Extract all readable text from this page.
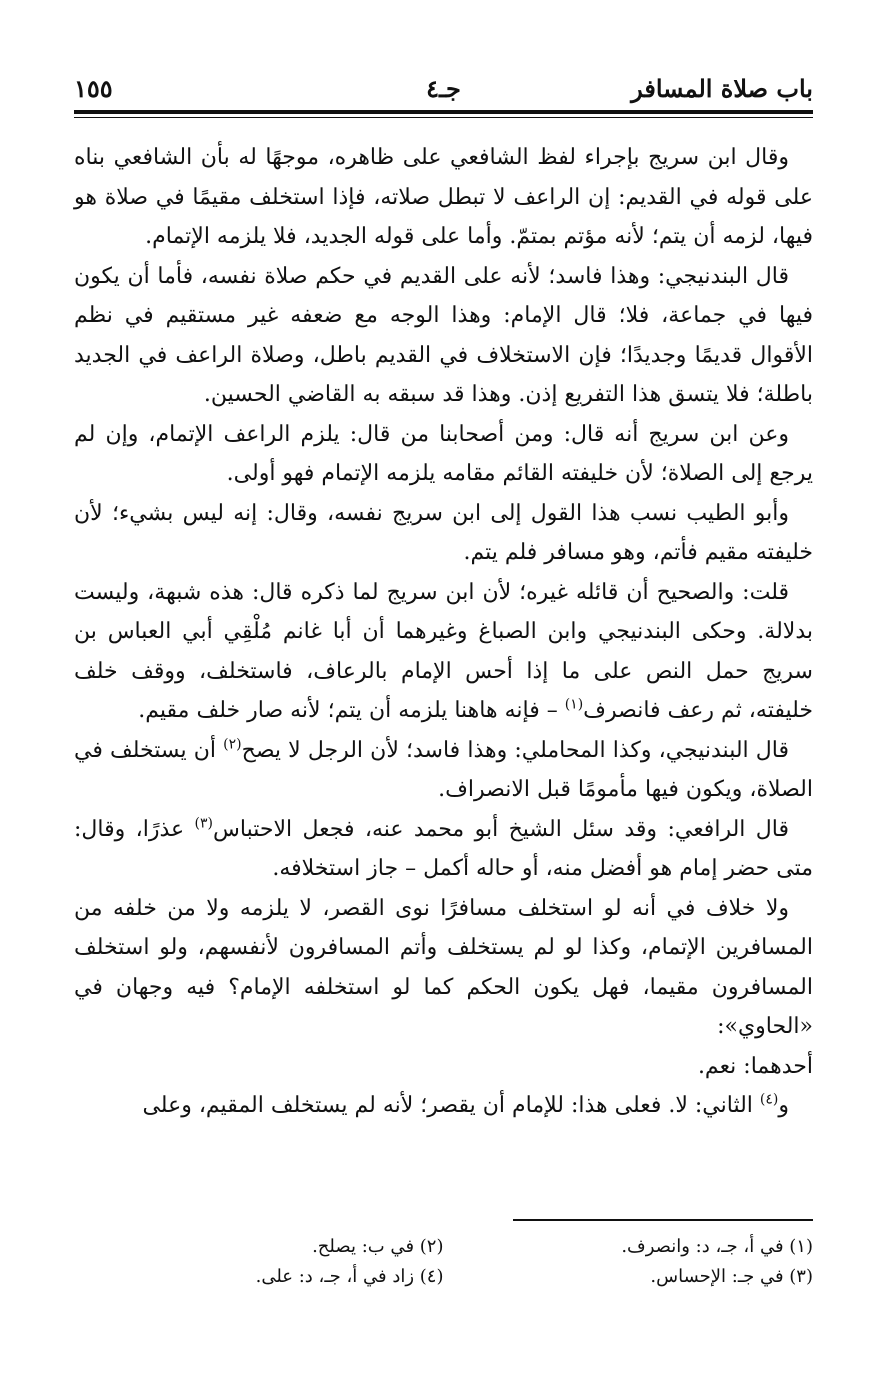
باب صلاة المسافر
جـ٤
١٥٥

وقال ابن سريج بإجراء لفظ الشافعي على ظاهره، موجهًا له بأن الشافعي بناه على قوله في القديم: إن الراعف لا تبطل صلاته، فإذا استخلف مقيمًا في صلاة هو فيها، لزمه أن يتم؛ لأنه مؤتم بمتمّ. وأما على قوله الجديد، فلا يلزمه الإتمام.

قال البندنيجي: وهذا فاسد؛ لأنه على القديم في حكم صلاة نفسه، فأما أن يكون فيها في جماعة، فلا؛ قال الإمام: وهذا الوجه مع ضعفه غير مستقيم في نظم الأقوال قديمًا وجديدًا؛ فإن الاستخلاف في القديم باطل، وصلاة الراعف في الجديد باطلة؛ فلا يتسق هذا التفريع إذن. وهذا قد سبقه به القاضي الحسين.

وعن ابن سريج أنه قال: ومن أصحابنا من قال: يلزم الراعف الإتمام، وإن لم يرجع إلى الصلاة؛ لأن خليفته القائم مقامه يلزمه الإتمام فهو أولى.

وأبو الطيب نسب هذا القول إلى ابن سريج نفسه، وقال: إنه ليس بشيء؛ لأن خليفته مقيم فأتم، وهو مسافر فلم يتم.

قلت: والصحيح أن قائله غيره؛ لأن ابن سريج لما ذكره قال: هذه شبهة، وليست بدلالة. وحكى البندنيجي وابن الصباغ وغيرهما أن أبا غانم مُلْقِي أبي العباس بن سريج حمل النص على ما إذا أحس الإمام بالرعاف، فاستخلف، ووقف خلف خليفته، ثم رعف فانصرف$^{(١)}$ – فإنه هاهنا يلزمه أن يتم؛ لأنه صار خلف مقيم.

قال البندنيجي، وكذا المحاملي: وهذا فاسد؛ لأن الرجل لا يصح$^{(٢)}$ أن يستخلف في الصلاة، ويكون فيها مأمومًا قبل الانصراف.

قال الرافعي: وقد سئل الشيخ أبو محمد عنه، فجعل الاحتباس$^{(٣)}$ عذرًا، وقال: متى حضر إمام هو أفضل منه، أو حاله أكمل – جاز استخلافه.

ولا خلاف في أنه لو استخلف مسافرًا نوى القصر، لا يلزمه ولا من خلفه من المسافرين الإتمام، وكذا لو لم يستخلف وأتم المسافرون لأنفسهم، ولو استخلف المسافرون مقيما، فهل يكون الحكم كما لو استخلفه الإمام؟ فيه وجهان في «الحاوي»:

أحدهما: نعم.

و$^{(٤)}$ الثاني: لا. فعلى هذا: للإمام أن يقصر؛ لأنه لم يستخلف المقيم، وعلى

(١) في أ، جـ، د: وانصرف.
(٢) في ب: يصلح.
(٣) في جـ: الإحساس.
(٤) زاد في أ، جـ، د: على.
